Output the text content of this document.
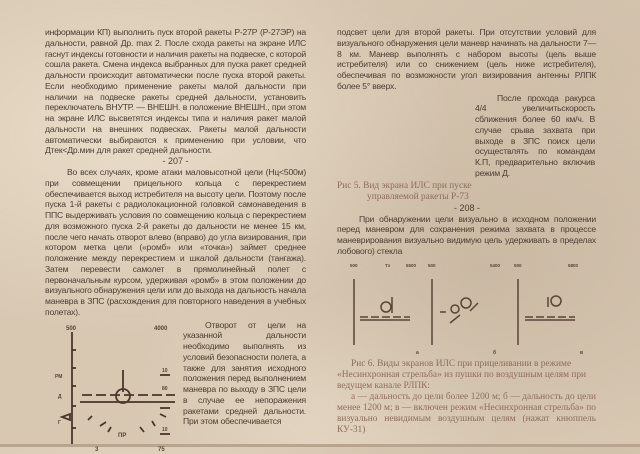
информации КП) выполнить пуск второй ракеты Р-27Р (Р-27ЭР) на дальности, равной Др. max 2. После схода ракеты на экране ИЛС гаснут индексы готовности и наличия ракеты на подвеске, с которой сошла ракета. Смена индекса выбранных для пуска ракет средней дальности происходит автоматически после пуска второй ракеты. Если необходимо применение ракеты малой дальности при наличии на подвеске ракеты средней дальности, установить переключатель ВНУТР. — ВНЕШН. в положение ВНЕШН., при этом на экране ИЛС высветятся индексы типа и наличия ракет малой дальности на внешних подвесках. Ракеты малой дальности автоматически выбираются к применению при условии, что Дтек<Др.мин для ракет средней дальности.

- 207 -

Во всех случаях, кроме атаки маловысотной цели (Нц<500м) при совмещении прицельного кольца с перекрестием обеспечивается выход истребителя на высоту цели. Поэтому после пуска 1-й ракеты с радиолокационной головкой самонаведения в ППС выдерживать условия по совмещению кольца с перекрестием для возможного пуска 2-й ракеты до дальности не менее 15 км, после чего начать отворот влево (вправо) до угла визирования, при котором метка цели («ромб» или «точка») займет среднее положение между перекрестием и шкалой дальности (тангажа). Затем перевести самолет в прямолинейный полет с первоначальным курсом, удерживая «ромб» в этом положении до визуального обнаружения цели или до выхода на дальность начала маневра в ЗПС (расхождения для повторного наведения в учебных полетах).

500	4000
3	75
ПР
РМ
Д
Г
10
80
10

Отворот от цели на указанной дальности необходимо выполнять из условий безопасности полета, а также для занятия исходного положения перед выполнением маневра по выходу в ЗПС цели в случае ее непоражения ракетами средней дальности. При этом обеспечивается

подсвет цели для второй ракеты. При отсутствии условий для визуального обнаружения цели маневр начинать на дальности 7—8 км. Маневр выполнять с набором высоты (цель выше истребителя) или со снижением (цель ниже истребителя), обеспечивая по возможности угол визирования антенны РЛПК более 5° вверх.

После прохода ракурса 4/4 увеличитьскорость сближения более 60 км/ч. В случае срыва захвата при выходе в ЗПС поиск цели осуществлять по командам К.П, предварительно включив режим Д.

Рис 5. Вид экрана ИЛС при пуске
управляемой ракеты Р-73
- 208 -

При обнаружении цели визуально в исходном положении перед маневром для сохранения режима захвата в процессе маневрирования визуально видимую цель удерживать в пределах лобового) стекла

500	Тз	5500	500	5400	500	5800
а	б	в
Рис 6. Виды экранов ИЛС при прицеливании в режиме «Несинхронная стрельба» из пушки по воздушным целям при ведущем канале РЛПК:
а — дальность до цели более 1200 м; б — дальность до цели менее 1200 м; в — включен режим «Несинхронная стрельба» по визуально невидимым воздушным целям (нажат кнюппель КУ-31)
